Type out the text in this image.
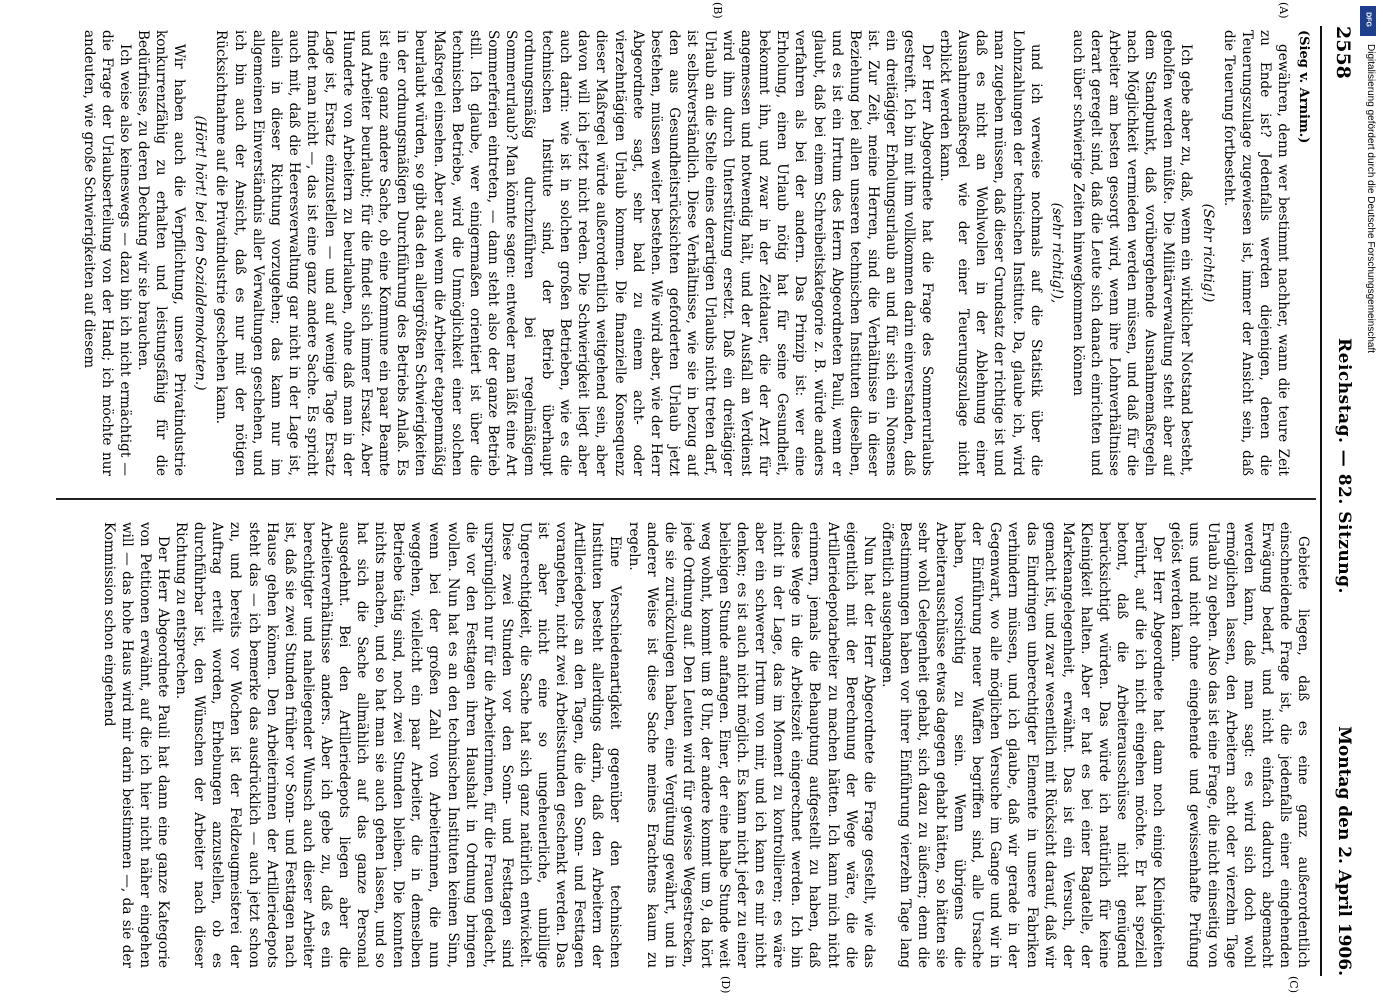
2558
Reichstag. — 82. Sitzung.
Montag den 2. April 1906.
(A)
(B)
(C)
(D)

(Sieg v. Arnim.)

gewähren, denn wer bestimmt nachher, wann die teure Zeit zu Ende ist? Jedenfalls werden diejenigen, denen die Teuerungszulage zugewiesen ist, immer der Ansicht sein, daß die Teuerung fortbesteht.

(Sehr richtig!)

Ich gebe aber zu, daß, wenn ein wirklicher Notstand besteht, geholfen werden müßte. Die Militärverwaltung steht aber auf dem Standpunkt, daß vorübergehende Ausnahmemaßregeln nach Möglichkeit vermieden werden müssen, und daß für die Arbeiter am besten gesorgt wird, wenn ihre Lohnverhältnisse derart geregelt sind, daß die Leute sich danach einrichten und auch über schwierige Zeiten hinwegkommen können

(sehr richtig!),

und ich verweise nochmals auf die Statistik über die Lohnzahlungen der technischen Institute. Da, glaube ich, wird man zugeben müssen, daß dieser Grundsatz der richtige ist und daß es nicht an Wohlwollen in der Ablehnung einer Ausnahmemaßregel wie der einer Teuerungszulage nicht erblickt werden kann.

Der Herr Abgeordnete hat die Frage des Sommerurlaubs gestreift. Ich bin mit ihm vollkommen darin einverstanden, daß ein dreitägiger Erholungsurlaub an und für sich ein Nonsens ist. Zur Zeit, meine Herren, sind die Verhältnisse in dieser Beziehung bei allen unseren technischen Instituten dieselben, und es ist ein Irrtum des Herrn Abgeordneten Pauli, wenn er glaubt, daß bei einem Schreibeitskategorie z. B. würde anders verfahren als bei der andern. Das Prinzip ist: wer eine Erholung, einen Urlaub nötig hat für seine Gesundheit, bekommt ihn, und zwar in der Zeitdauer, die der Arzt für angemessen und notwendig hält, und der Ausfall an Verdienst wird ihm durch Unterstützung ersetzt. Daß ein dreitägiger Urlaub an die Stelle eines derartigen Urlaubs nicht treten darf, ist selbstverständlich. Diese Verhältnisse, wie sie in bezug auf den aus Gesundheitsrücksichten geforderten Urlaub jetzt bestehen, müssen weiter bestehen. Wie wird aber, wie der Herr Abgeordnete sagt, sehr bald zu einem acht- oder vierzehntägigen Urlaub kommen. Die finanzielle Konsequenz dieser Maßregel würde außerordentlich weitgehend sein, aber davon will ich jetzt nicht reden. Die Schwierigkeit liegt aber auch darin: wie ist in solchen großen Betrieben, wie es die technischen Institute sind, der Betrieb überhaupt ordnungsmäßig durchzuführen bei regelmäßigem Sommerurlaub? Man könnte sagen: entweder man läßt eine Art Sommerferien eintreten, — dann steht also der ganze Betrieb still. Ich glaube, wer einigermaßen orientiert ist über die technischen Betriebe, wird die Unmöglichkeit einer solchen Maßregel einsehen. Aber auch wenn die Arbeiter etappenmäßig beurlaubt würden, so gibt das den allergrößten Schwierigkeiten in der ordnungsmäßigen Durchführung des Betriebs Anlaß. Es ist eine ganz andere Sache, ob eine Kommune ein paar Beamte und Arbeiter beurlaubt; für die findet sich immer Ersatz. Aber Hunderte von Arbeitern zu beurlauben, ohne daß man in der Lage ist, Ersatz einzustellen — und auf wenige Tage Ersatz findet man nicht —, das ist eine ganz andere Sache. Es spricht auch mit, daß die Heeresverwaltung gar nicht in der Lage ist, allein in dieser Richtung vorzugehen; das kann nur im allgemeinen Einverständnis aller Verwaltungen geschehen, und ich bin auch der Ansicht, daß es nur mit der nötigen Rücksichtnahme auf die Privatindustrie geschehen kann.

(Hört! hört! bei den Sozialdemokraten.)

Wir haben auch die Verpflichtung, unsere Privatindustrie konkurrenzfähig zu erhalten und leistungsfähig für die Bedürfnisse, zu deren Deckung wir sie brauchen.

Ich weise also keineswegs — dazu bin ich nicht ermächtigt — die Frage der Urlaubserteilung von der Hand; ich möchte nur andeuten, wie große Schwierigkeiten auf diesem

Gebiete liegen, daß es eine ganz außerordentlich einschneidende Frage ist, die jedenfalls einer eingehenden Erwägung bedarf, und nicht einfach dadurch abgemacht werden kann, daß man sagt: es wird sich doch wohl ermöglichen lassen, den Arbeitern acht oder vierzehn Tage Urlaub zu geben. Also das ist eine Frage, die nicht einseitig von uns und nicht ohne eingehende und gewissenhafte Prüfung gelöst werden kann.

Der Herr Abgeordnete hat dann noch einige Kleinigkeiten berührt, auf die ich nicht eingehen möchte. Er hat speziell betont, daß die Arbeiterausschüsse nicht genügend berücksichtigt würden. Das würde ich natürlich für keine Kleinigkeit halten. Aber er hat es bei einer Bagatelle, der Markenangelegenheit, erwähnt. Das ist ein Versuch, der gemacht ist, und zwar wesentlich mit Rücksicht darauf, daß wir das Eindringen unberechtigter Elemente in unsere Fabriken verhindern müssen, und ich glaube, daß wir gerade in der Gegenwart, wo alle möglichen Versuche im Gange und wir in der Einführung neuer Waffen begriffen sind, alle Ursache haben, vorsichtig zu sein. Wenn übrigens die Arbeiterausschüsse etwas dagegen gehabt hätten, so hätten sie sehr wohl Gelegenheit gehabt, sich dazu zu äußern; denn die Bestimmungen haben vor ihrer Einführung vierzehn Tage lang öffentlich ausgehangen.

Nun hat der Herr Abgeordnete die Frage gestellt, wie das eigentlich mit der Berechnung der Wege wäre, die die Artilleriedepotarbeiter zu machen hätten. Ich kann mich nicht erinnern, jemals die Behauptung aufgestellt zu haben, daß diese Wege in die Arbeitszeit eingerechnet werden. Ich bin nicht in der Lage, das im Moment zu kontrollieren; es wäre aber ein schwerer Irrtum von mir, und ich kann es mir nicht denken; es ist auch nicht möglich. Es kann nicht jeder zu einer beliebigen Stunde anfangen. Einer, der eine halbe Stunde weit weg wohnt, kommt um 8 Uhr, der andere kommt um 9, da hört jede Ordnung auf. Den Leuten wird für gewisse Wegestrecken, die sie zurückzulegen haben, eine Vergütung gewährt, und in anderer Weise ist diese Sache meines Erachtens kaum zu regeln.

Eine Verschiedenartigkeit gegenüber den technischen Instituten besteht allerdings darin, daß den Arbeitern der Artilleriedepots an den Tagen, die den Sonn- und Festtagen vorangehen, nicht zwei Arbeitsstunden geschenkt werden. Das ist aber nicht eine so ungeheuerliche, unbillige Ungerechtigkeit, die Sache hat sich ganz natürlich entwickelt. Diese zwei Stunden vor den Sonn- und Festtagen sind ursprünglich nur für die Arbeiterinnen, für die Frauen gedacht, die vor den Festtagen ihren Haushalt in Ordnung bringen wollen. Nun hat es an den technischen Instituten keinen Sinn, wenn bei der großen Zahl von Arbeiterinnen, die nun weggehen, vielleicht ein paar Arbeiter, die in demselben Betriebe tätig sind, noch zwei Stunden bleiben. Die konnten nichts machen, und so hat man sie auch gehen lassen, und so hat sich die Sache allmählich auf das ganze Personal ausgedehnt. Bei den Artilleriedepots liegen aber die Arbeiterverhältnisse anders. Aber ich gebe zu, daß es ein berechtigter und naheliegender Wunsch auch dieser Arbeiter ist, daß sie zwei Stunden früher vor Sonn- und Festtagen nach Hause gehen können. Den Arbeiterinnen der Artilleriedepots steht das — ich bemerke das ausdrücklich — auch jetzt schon zu, und bereits vor Wochen ist der Feldzeugmeisterei der Auftrag erteilt worden, Erhebungen anzustellen, ob es durchführbar ist, den Wünschen der Arbeiter nach dieser Richtung zu entsprechen.

Der Herr Abgeordnete Pauli hat dann eine ganze Kategorie von Petitionen erwähnt, auf die ich hier nicht näher eingehen will — das hohe Haus wird mir darin beistimmen —, da sie der Kommission schon eingehend

DFG
Digitalisierung gefördert durch die Deutsche Forschungsgemeinschaft
